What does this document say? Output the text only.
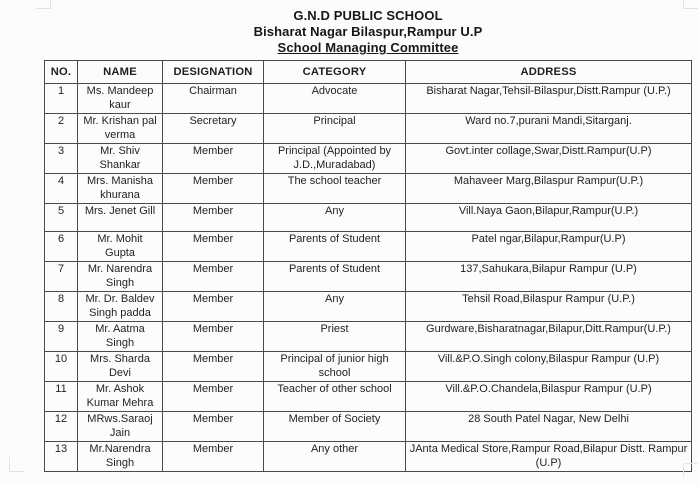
G.N.D PUBLIC SCHOOL
Bisharat Nagar Bilaspur,Rampur U.P
School Managing Committee
NO.	NAME	DESIGNATION	CATEGORY	ADDRESS
1	Ms. Mandeep kaur	Chairman	Advocate	Bisharat Nagar,Tehsil-Bilaspur,Distt.Rampur (U.P.)
2	Mr. Krishan pal verma	Secretary	Principal	Ward no.7,purani Mandi,Sitarganj.
3	Mr. Shiv Shankar	Member	Principal (Appointed by J.D.,Muradabad)	Govt.inter collage,Swar,Distt.Rampur(U.P)
4	Mrs. Manisha khurana	Member	The school teacher	Mahaveer Marg,Bilaspur Rampur(U.P.)
5	Mrs. Jenet Gill	Member	Any	Vill.Naya Gaon,Bilapur,Rampur(U.P.)
6	Mr. Mohit Gupta	Member	Parents of Student	Patel ngar,Bilapur,Rampur(U.P)
7	Mr. Narendra Singh	Member	Parents of Student	137,Sahukara,Bilapur Rampur (U.P)
8	Mr. Dr. Baldev Singh padda	Member	Any	Tehsil Road,Bilaspur Rampur (U.P.)
9	Mr. Aatma Singh	Member	Priest	Gurdware,Bisharatnagar,Bilapur,Ditt.Rampur(U.P.)
10	Mrs. Sharda Devi	Member	Principal of junior high school	Vill.&P.O.Singh colony,Bilaspur Rampur (U.P)
11	Mr. Ashok Kumar Mehra	Member	Teacher of other school	Vill.&P.O.Chandela,Bilaspur Rampur (U.P)
12	MRws.Saraoj Jain	Member	Member of Society	28 South Patel Nagar, New Delhi
13	Mr.Narendra Singh	Member	Any other	JAnta Medical Store,Rampur Road,Bilapur Distt. Rampur (U.P)
